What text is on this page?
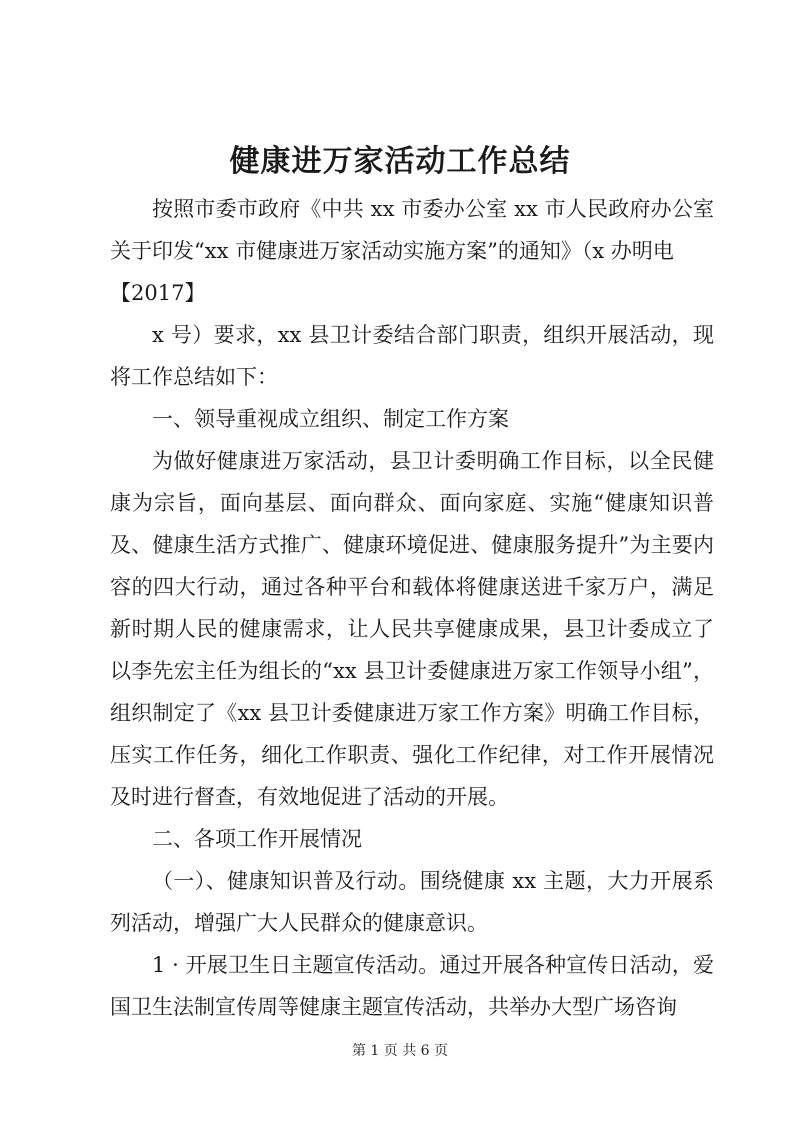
健康进万家活动工作总结

按照市委市政府《中共 xx 市委办公室 xx 市人民政府办公室关于印发“xx 市健康进万家活动实施方案”的通知》（x 办明电

【2017】

x 号）要求，xx 县卫计委结合部门职责，组织开展活动，现将工作总结如下：

一、领导重视成立组织、制定工作方案

为做好健康进万家活动，县卫计委明确工作目标，以全民健康为宗旨，面向基层、面向群众、面向家庭、实施“健康知识普及、健康生活方式推广、健康环境促进、健康服务提升”为主要内容的四大行动，通过各种平台和载体将健康送进千家万户，满足新时期人民的健康需求，让人民共享健康成果，县卫计委成立了以李先宏主任为组长的“xx 县卫计委健康进万家工作领导小组”，组织制定了《xx 县卫计委健康进万家工作方案》明确工作目标，压实工作任务，细化工作职责、强化工作纪律，对工作开展情况及时进行督查，有效地促进了活动的开展。

二、各项工作开展情况

（一）、健康知识普及行动。围绕健康 xx 主题，大力开展系列活动，增强广大人民群众的健康意识。

1 · 开展卫生日主题宣传活动。通过开展各种宣传日活动，爱国卫生法制宣传周等健康主题宣传活动，共举办大型广场咨询

第 1 页 共 6 页
